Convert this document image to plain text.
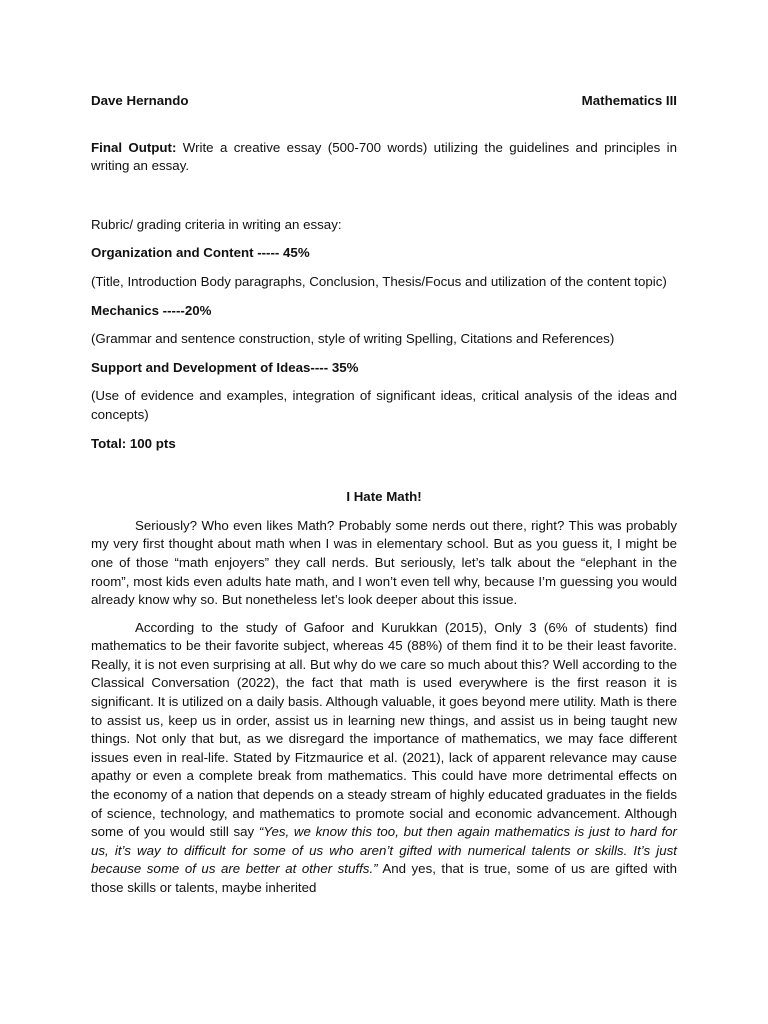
Dave Hernando	Mathematics III

Final Output: Write a creative essay (500-700 words) utilizing the guidelines and principles in writing an essay.

Rubric/ grading criteria in writing an essay:

Organization and Content ----- 45%

(Title, Introduction Body paragraphs, Conclusion, Thesis/Focus and utilization of the content topic)

Mechanics -----20%

(Grammar and sentence construction, style of writing Spelling, Citations and References)

Support and Development of Ideas---- 35%

(Use of evidence and examples, integration of significant ideas, critical analysis of the ideas and concepts)

Total: 100 pts

I Hate Math!

Seriously? Who even likes Math? Probably some nerds out there, right? This was probably my very first thought about math when I was in elementary school. But as you guess it, I might be one of those “math enjoyers” they call nerds. But seriously, let’s talk about the “elephant in the room”, most kids even adults hate math, and I won’t even tell why, because I’m guessing you would already know why so. But nonetheless let’s look deeper about this issue.

According to the study of Gafoor and Kurukkan (2015), Only 3 (6% of students) find mathematics to be their favorite subject, whereas 45 (88%) of them find it to be their least favorite. Really, it is not even surprising at all. But why do we care so much about this? Well according to the Classical Conversation (2022), the fact that math is used everywhere is the first reason it is significant. It is utilized on a daily basis. Although valuable, it goes beyond mere utility. Math is there to assist us, keep us in order, assist us in learning new things, and assist us in being taught new things. Not only that but, as we disregard the importance of mathematics, we may face different issues even in real-life. Stated by Fitzmaurice et al. (2021), lack of apparent relevance may cause apathy or even a complete break from mathematics. This could have more detrimental effects on the economy of a nation that depends on a steady stream of highly educated graduates in the fields of science, technology, and mathematics to promote social and economic advancement. Although some of you would still say “Yes, we know this too, but then again mathematics is just to hard for us, it’s way to difficult for some of us who aren’t gifted with numerical talents or skills. It’s just because some of us are better at other stuffs.” And yes, that is true, some of us are gifted with those skills or talents, maybe inherited
